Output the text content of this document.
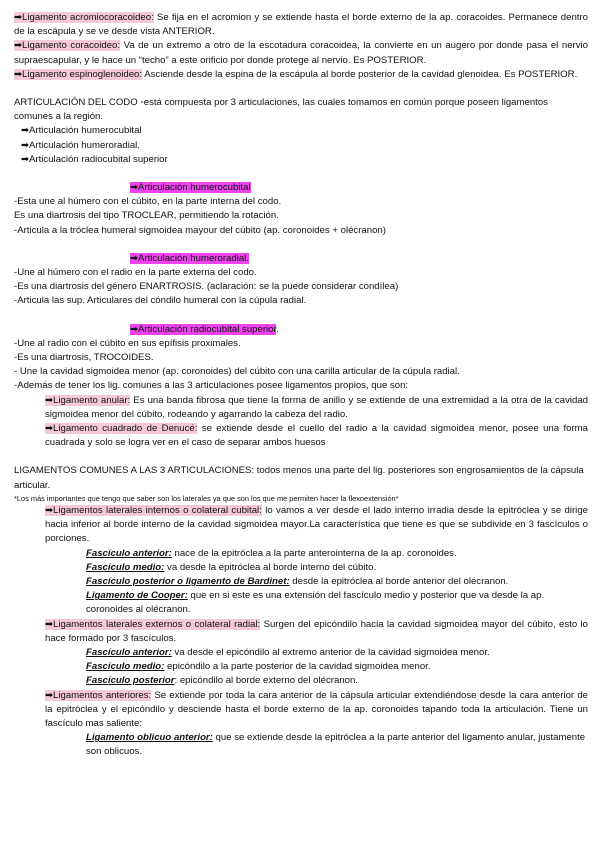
➡Ligamento acromiocoracoideo: Se fija en el acromion y se extiende hasta el borde externo de la ap. coracoides. Permanece dentro de la escápula y se ve desde vista ANTERIOR.

➡Ligamento coracoideo: Va de un extremo a otro de la escotadura coracoidea, la convierte en un augero por donde pasa el nervio supraescapular, y le hace un “techo” a este orificio por donde protege al nervio. Es POSTERIOR.

➡Ligamento espinoglenoideo: Asciende desde la espina de la escápula al borde posterior de la cavidad glenoidea. Es POSTERIOR.

ARTICULACIÓN DEL CODO ◦está compuesta por 3 articulaciones, las cuales tomamos en común porque poseen ligamentos comunes a la región.

➡Articulación humerocubital

➡Articulación humeroradial.

➡Articulación radiocubital superior

➡Articulación humerocubital

-Esta une al húmero con el cúbito, en la parte interna del codo.

Es una diartrosis del tipo TROCLEAR, permitiendo la rotación.

-Articula a la tróclea humeral sigmoidea mayour del cúbito (ap. coronoides + olécranon)

➡Articulación humeroradial.

-Une al húmero con el radio en la parte externa del codo.

-Es una diartrosis del género ENARTROSIS. (aclaración: se la puede considerar condílea)

-Articula las sup. Articulares del cóndilo humeral con la cúpula radial.

➡Articulación radiocubital superior.

-Une al radio con el cúbito en sus epífisis proximales.

-Es una diartrosis, TROCOIDES.

- Une la cavidad sigmoidea menor (ap. coronoides) del cúbito con una carilla articular de la cúpula radial.

-Además de tener los lig. comunes a las 3 articulaciones posee ligamentos propios, que son:

➡Ligamento anular: Es una banda fibrosa que tiene la forma de anillo y se extiende de una extremidad a la otra de la cavidad sigmoidea menor del cúbito, rodeando y agarrando la cabeza del radio.

➡Ligamento cuadrado de Denucé: se extiende desde el cuello del radio a la cavidad sigmoidea menor, posee una forma cuadrada y solo se logra ver en el caso de separar ambos huesos

LIGAMENTOS COMUNES A LAS 3 ARTICULACIONES: todos menos una parte del lig. posteriores son engrosamientos de la cápsula articular.

*Los más importantes que tengo que saber son los laterales ya que son los que me permiten hacer la flexoextensión*

➡Ligamentos laterales internos o colateral cubital: lo vamos a ver desde el lado interno irradia desde la epitróclea y se dirige hacia inferior al borde interno de la cavidad sigmoidea mayor.La característica que tiene es que se subdivide en 3 fascículos o porciones.

Fascículo anterior: nace de la epitróclea a la parte anterointerna de la ap. coronoides.

Fascículo medio: va desde la epitróclea al borde interno del cúbito.

Fascículo posterior o ligamento de Bardinet: desde la epitróclea al borde anterior del olécranon.

Ligamento de Cooper: que en si este es una extensión del fascículo medio y posterior que va desde la ap. coronoides al olécranon.

➡Ligamentos laterales externos o colateral radial: Surgen del epicóndilo hacia la cavidad sigmoidea mayor del cúbito, esto lo hace formado por 3 fascículos.

Fascículo anterior: va desde el epicóndilo al extremo anterior de la cavidad sigmoidea menor.

Fascículo medio: epicóndilo a la parte posterior de la cavidad sigmoidea menor.

Fascículo posterior: epicóndilo al borde externo del olécranon.

➡Ligamentos anteriores: Se extiende por toda la cara anterior de la cápsula articular extendiéndose desde la cara anterior de la epitróclea y el epicóndilo y desciende hasta el borde externo de la ap. coronoides tapando toda la articulación. Tiene un fascículo mas saliente:

Ligamento oblicuo anterior: que se extiende desde la epitróclea a la parte anterior del ligamento anular, justamente son oblicuos.
